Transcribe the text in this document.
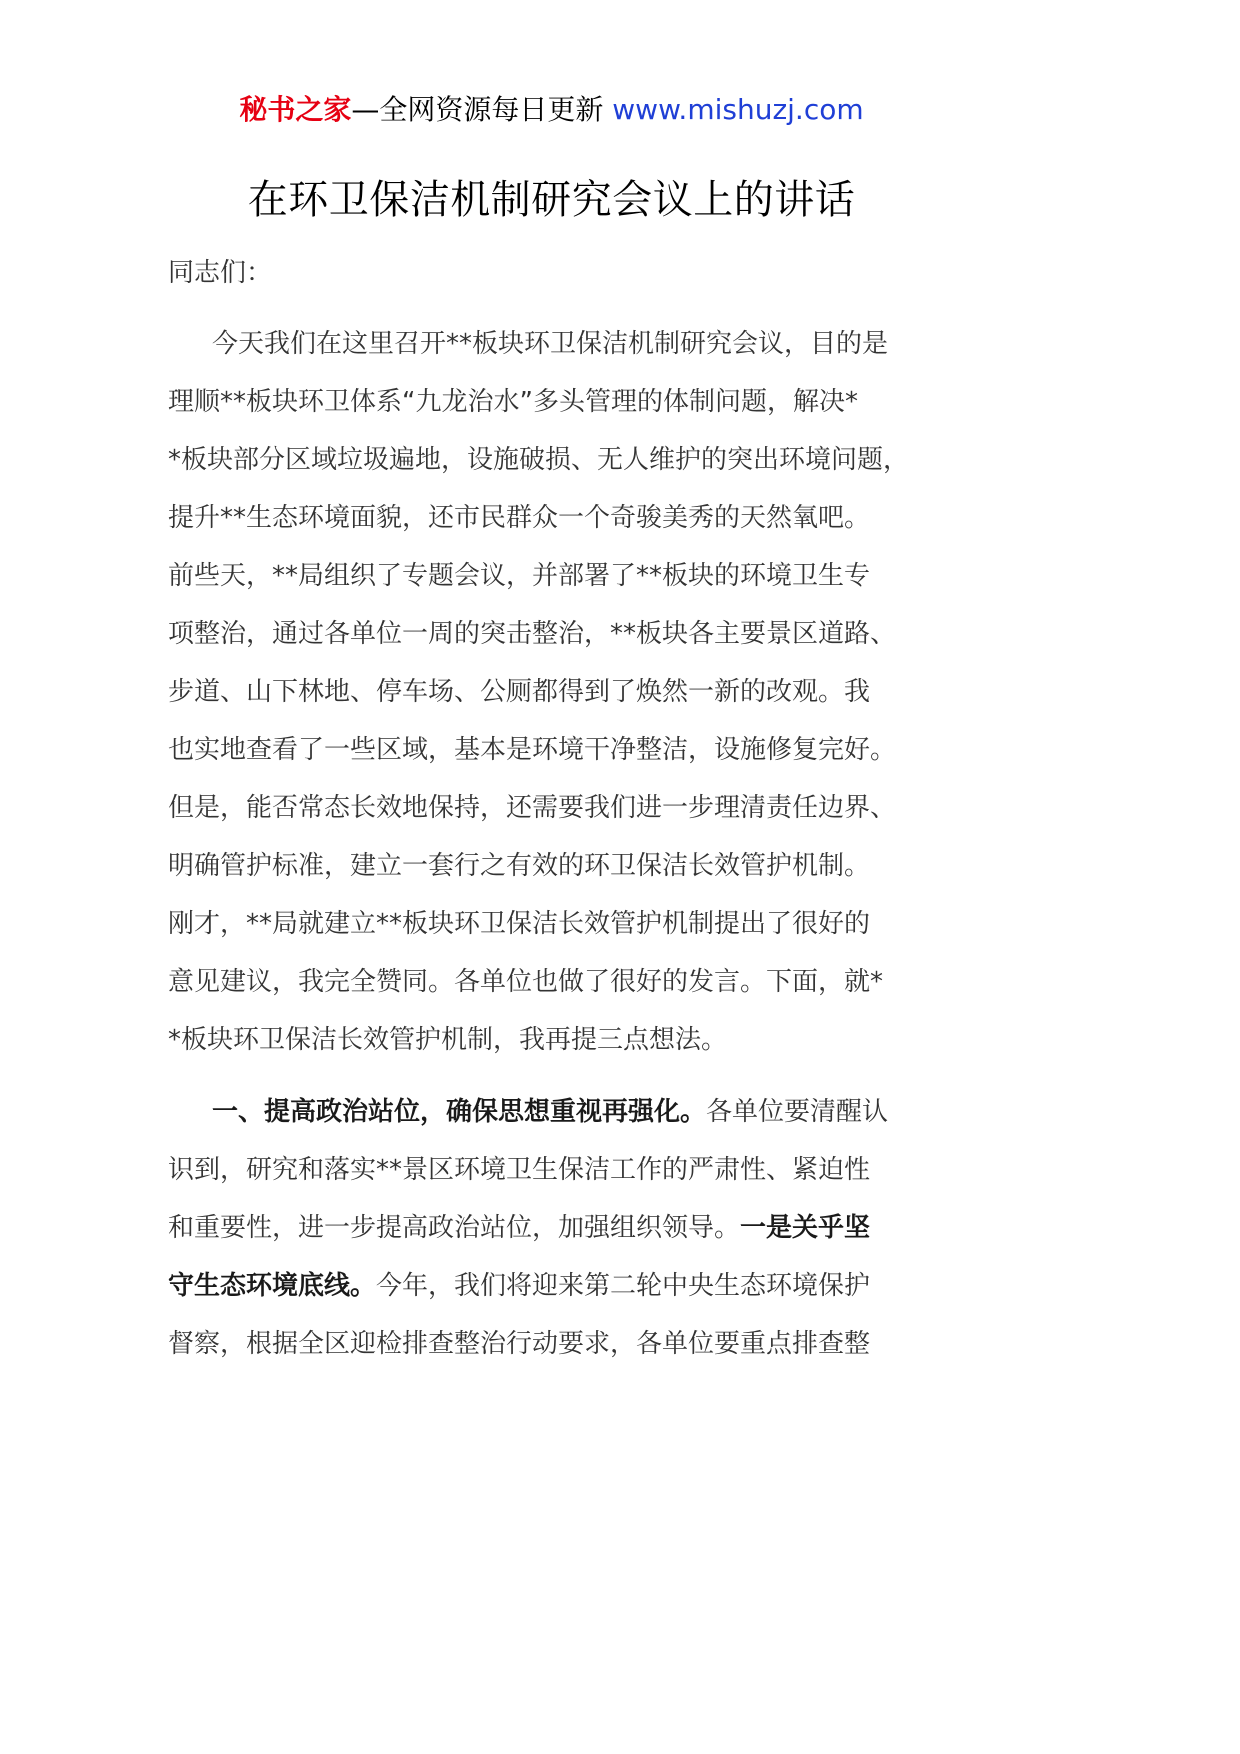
秘书之家—全网资源每日更新 www.mishuzj.com
在环卫保洁机制研究会议上的讲话
同志们：
今天我们在这里召开**板块环卫保洁机制研究会议，目的是
理顺**板块环卫体系“九龙治水”多头管理的体制问题，解决*
*板块部分区域垃圾遍地，设施破损、无人维护的突出环境问题，
提升**生态环境面貌，还市民群众一个奇骏美秀的天然氧吧。
前些天，**局组织了专题会议，并部署了**板块的环境卫生专
项整治，通过各单位一周的突击整治，**板块各主要景区道路、
步道、山下林地、停车场、公厕都得到了焕然一新的改观。我
也实地查看了一些区域，基本是环境干净整洁，设施修复完好。
但是，能否常态长效地保持，还需要我们进一步理清责任边界、
明确管护标准，建立一套行之有效的环卫保洁长效管护机制。
刚才，**局就建立**板块环卫保洁长效管护机制提出了很好的
意见建议，我完全赞同。各单位也做了很好的发言。下面，就*
*板块环卫保洁长效管护机制，我再提三点想法。
一、提高政治站位，确保思想重视再强化。各单位要清醒认
识到，研究和落实**景区环境卫生保洁工作的严肃性、紧迫性
和重要性，进一步提高政治站位，加强组织领导。一是关乎坚
守生态环境底线。今年，我们将迎来第二轮中央生态环境保护
督察，根据全区迎检排查整治行动要求，各单位要重点排查整
